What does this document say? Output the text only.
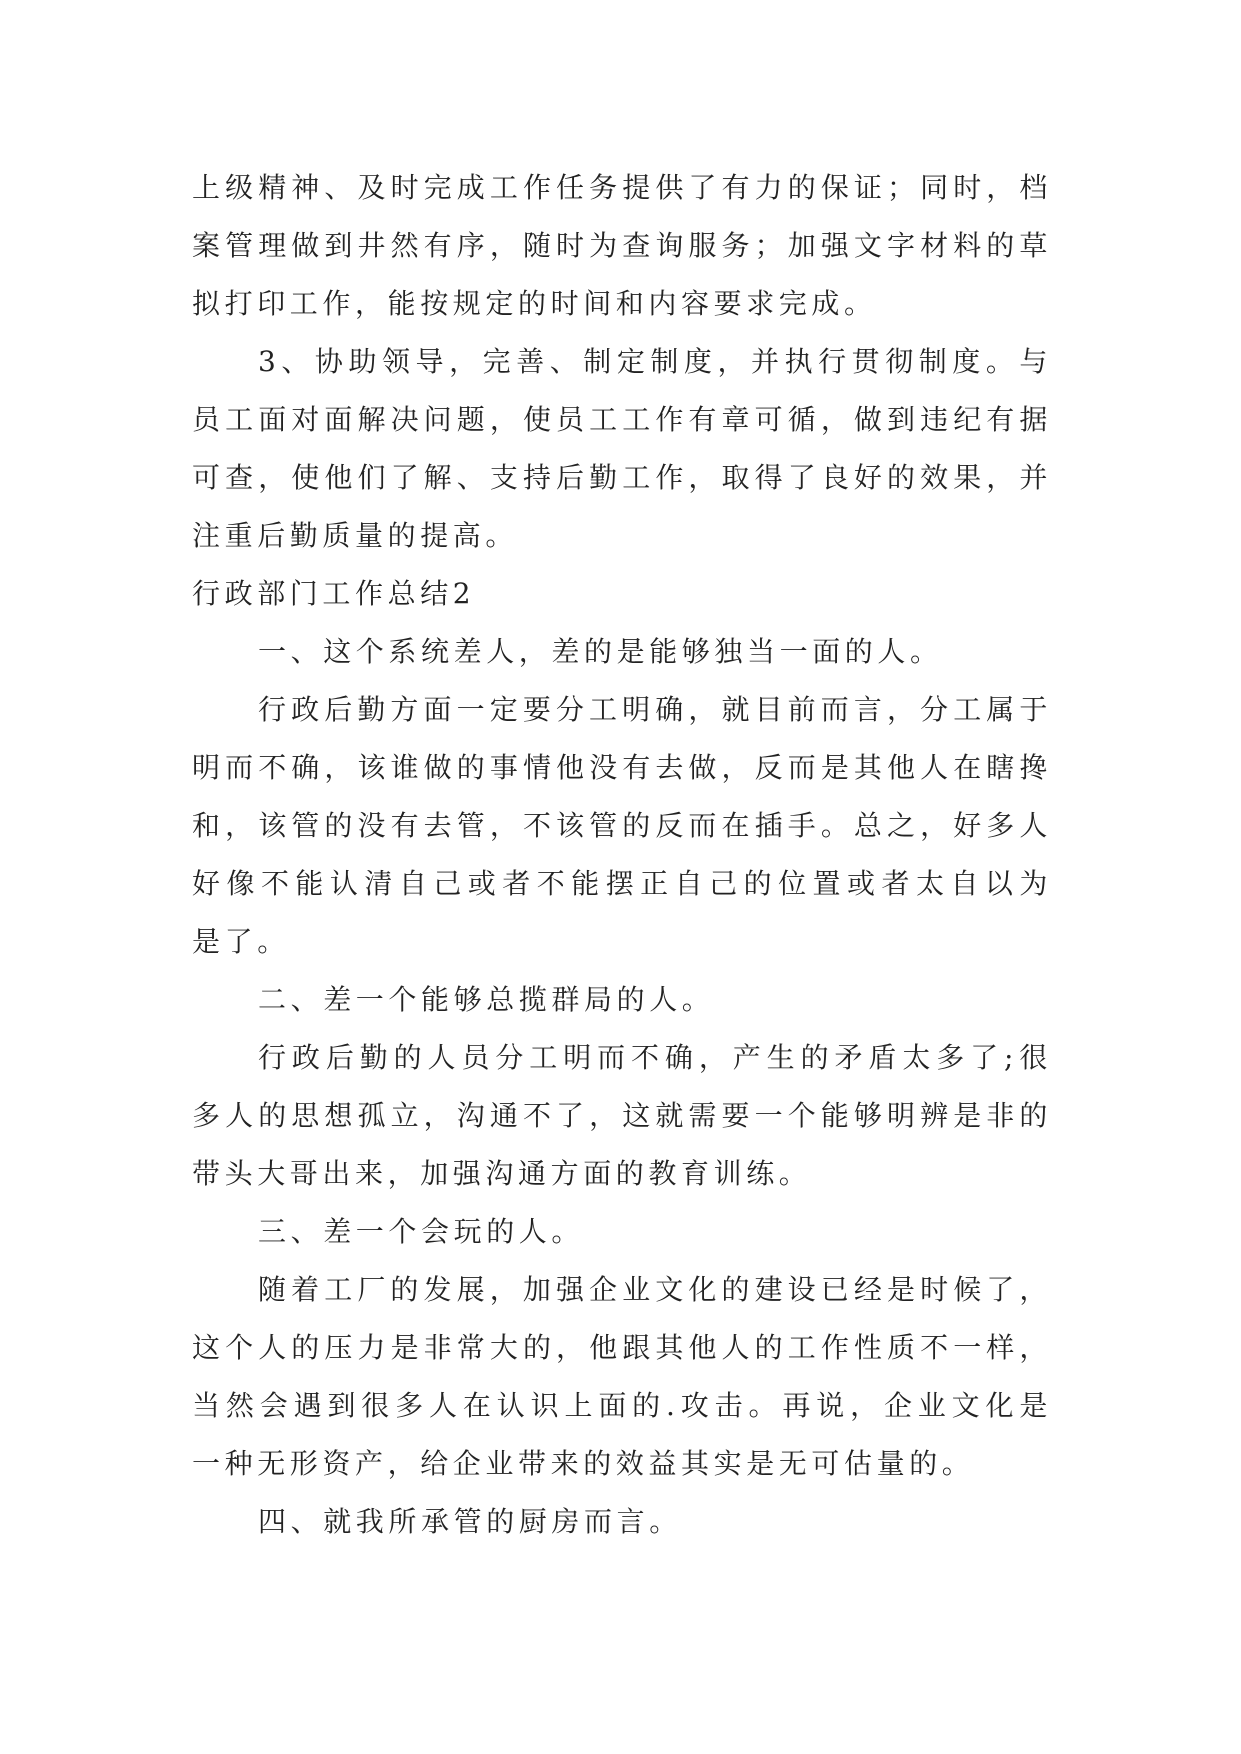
上级精神、及时完成工作任务提供了有力的保证；同时，档
案管理做到井然有序，随时为查询服务；加强文字材料的草
拟打印工作，能按规定的时间和内容要求完成。
3、协助领导，完善、制定制度，并执行贯彻制度。与
员工面对面解决问题，使员工工作有章可循，做到违纪有据
可查，使他们了解、支持后勤工作，取得了良好的效果，并
注重后勤质量的提高。
行政部门工作总结2
一、这个系统差人，差的是能够独当一面的人。
行政后勤方面一定要分工明确，就目前而言，分工属于
明而不确，该谁做的事情他没有去做，反而是其他人在瞎搀
和，该管的没有去管，不该管的反而在插手。总之，好多人
好像不能认清自己或者不能摆正自己的位置或者太自以为
是了。
二、差一个能够总揽群局的人。
行政后勤的人员分工明而不确，产生的矛盾太多了;很
多人的思想孤立，沟通不了，这就需要一个能够明辨是非的
带头大哥出来，加强沟通方面的教育训练。
三、差一个会玩的人。
随着工厂的发展，加强企业文化的建设已经是时候了，
这个人的压力是非常大的，他跟其他人的工作性质不一样，
当然会遇到很多人在认识上面的.攻击。再说，企业文化是
一种无形资产，给企业带来的效益其实是无可估量的。
四、就我所承管的厨房而言。
